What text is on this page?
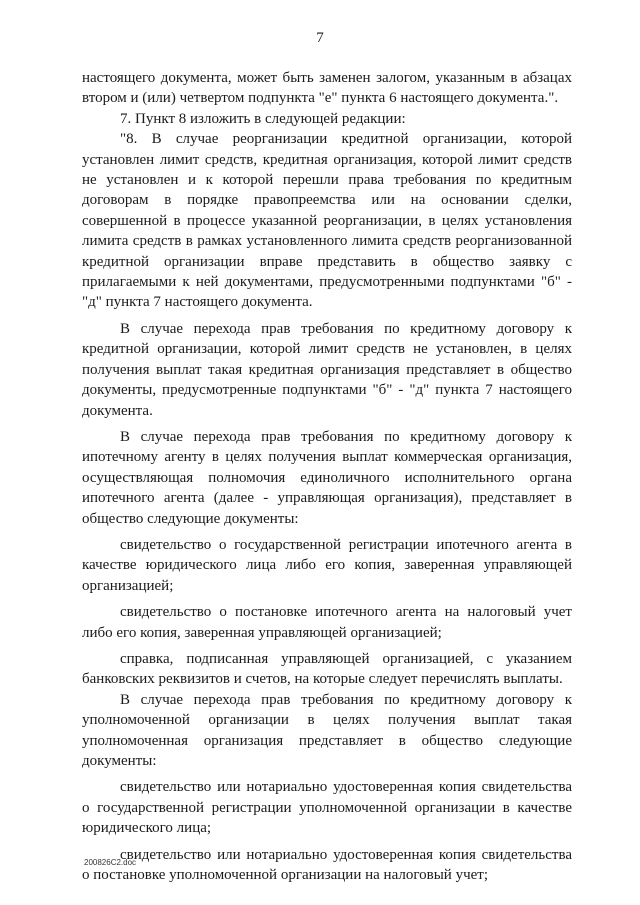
7

настоящего документа, может быть заменен залогом, указанным в абзацах втором и (или) четвертом подпункта "е" пункта 6 настоящего документа.".

7. Пункт 8 изложить в следующей редакции:

"8. В случае реорганизации кредитной организации, которой установлен лимит средств, кредитная организация, которой лимит средств не установлен и к которой перешли права требования по кредитным договорам в порядке правопреемства или на основании сделки, совершенной в процессе указанной реорганизации, в целях установления лимита средств в рамках установленного лимита средств реорганизованной кредитной организации вправе представить в общество заявку с прилагаемыми к ней документами, предусмотренными подпунктами "б" - "д" пункта 7 настоящего документа.

В случае перехода прав требования по кредитному договору к кредитной организации, которой лимит средств не установлен, в целях получения выплат такая кредитная организация представляет в общество документы, предусмотренные подпунктами "б" - "д" пункта 7 настоящего документа.

В случае перехода прав требования по кредитному договору к ипотечному агенту в целях получения выплат коммерческая организация, осуществляющая полномочия единоличного исполнительного органа ипотечного агента (далее - управляющая организация), представляет в общество следующие документы:

свидетельство о государственной регистрации ипотечного агента в качестве юридического лица либо его копия, заверенная управляющей организацией;

свидетельство о постановке ипотечного агента на налоговый учет либо его копия, заверенная управляющей организацией;

справка, подписанная управляющей организацией, с указанием банковских реквизитов и счетов, на которые следует перечислять выплаты.

В случае перехода прав требования по кредитному договору к уполномоченной организации в целях получения выплат такая уполномоченная организация представляет в общество следующие документы:

свидетельство или нотариально удостоверенная копия свидетельства о государственной регистрации уполномоченной организации в качестве юридического лица;

свидетельство или нотариально удостоверенная копия свидетельства о постановке уполномоченной организации на налоговый учет;

200826C2.doc
